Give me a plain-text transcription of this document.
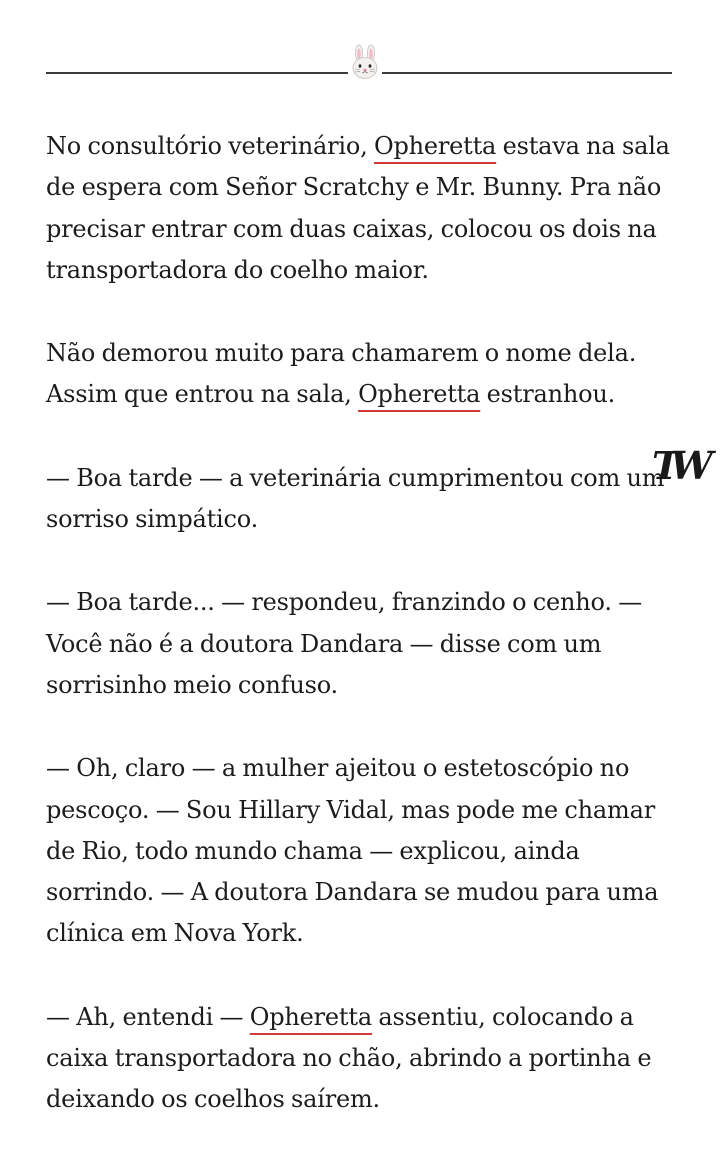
TW

No consultório veterinário, Opheretta estava na sala de espera com Señor Scratchy e Mr. Bunny. Pra não precisar entrar com duas caixas, colocou os dois na transportadora do coelho maior.

Não demorou muito para chamarem o nome dela. Assim que entrou na sala, Opheretta estranhou.

— Boa tarde — a veterinária cumprimentou com um sorriso simpático.

— Boa tarde... — respondeu, franzindo o cenho. — Você não é a doutora Dandara — disse com um sorrisinho meio confuso.

— Oh, claro — a mulher ajeitou o estetoscópio no pescoço. — Sou Hillary Vidal, mas pode me chamar de Rio, todo mundo chama — explicou, ainda sorrindo. — A doutora Dandara se mudou para uma clínica em Nova York.

— Ah, entendi — Opheretta assentiu, colocando a caixa transportadora no chão, abrindo a portinha e deixando os coelhos saírem.
